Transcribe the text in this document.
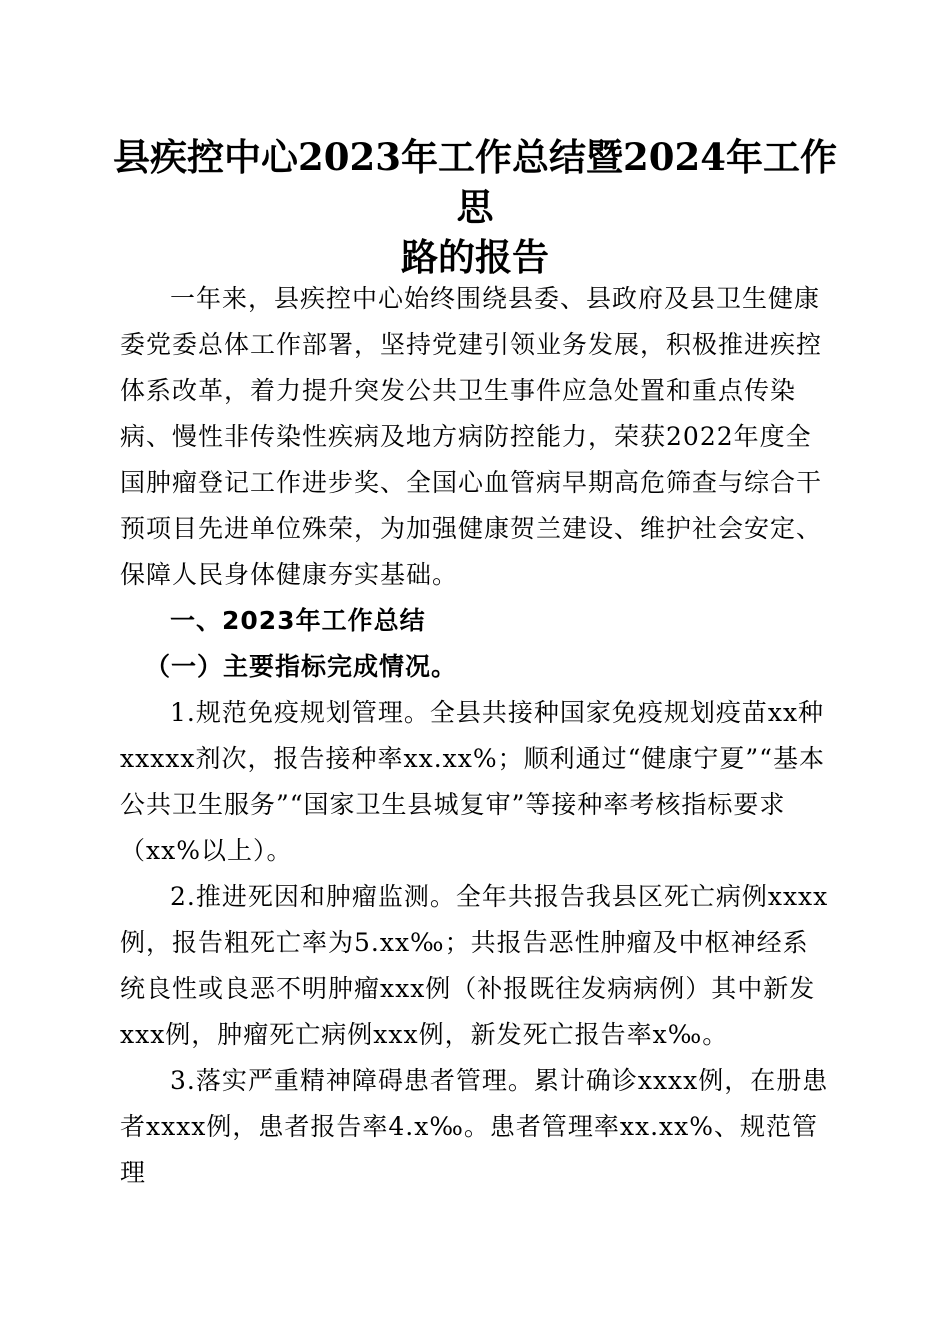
县疾控中心2023年工作总结暨2024年工作思
路的报告

一年来，县疾控中心始终围绕县委、县政府及县卫生健康委党委总体工作部署，坚持党建引领业务发展，积极推进疾控体系改革，着力提升突发公共卫生事件应急处置和重点传染病、慢性非传染性疾病及地方病防控能力，荣获2022年度全国肿瘤登记工作进步奖、全国心血管病早期高危筛查与综合干预项目先进单位殊荣，为加强健康贺兰建设、维护社会安定、保障人民身体健康夯实基础。

一、2023年工作总结

（一）主要指标完成情况。

1.规范免疫规划管理。全县共接种国家免疫规划疫苗xx种xxxxx剂次，报告接种率xx.xx%；顺利通过“健康宁夏”“基本公共卫生服务”“国家卫生县城复审”等接种率考核指标要求（xx%以上）。

2.推进死因和肿瘤监测。全年共报告我县区死亡病例xxxx例，报告粗死亡率为5.xx‰；共报告恶性肿瘤及中枢神经系统良性或良恶不明肿瘤xxx例（补报既往发病病例）其中新发xxx例，肿瘤死亡病例xxx例，新发死亡报告率x‰。

3.落实严重精神障碍患者管理。累计确诊xxxx例，在册患者xxxx例，患者报告率4.x‰。患者管理率xx.xx%、规范管理
